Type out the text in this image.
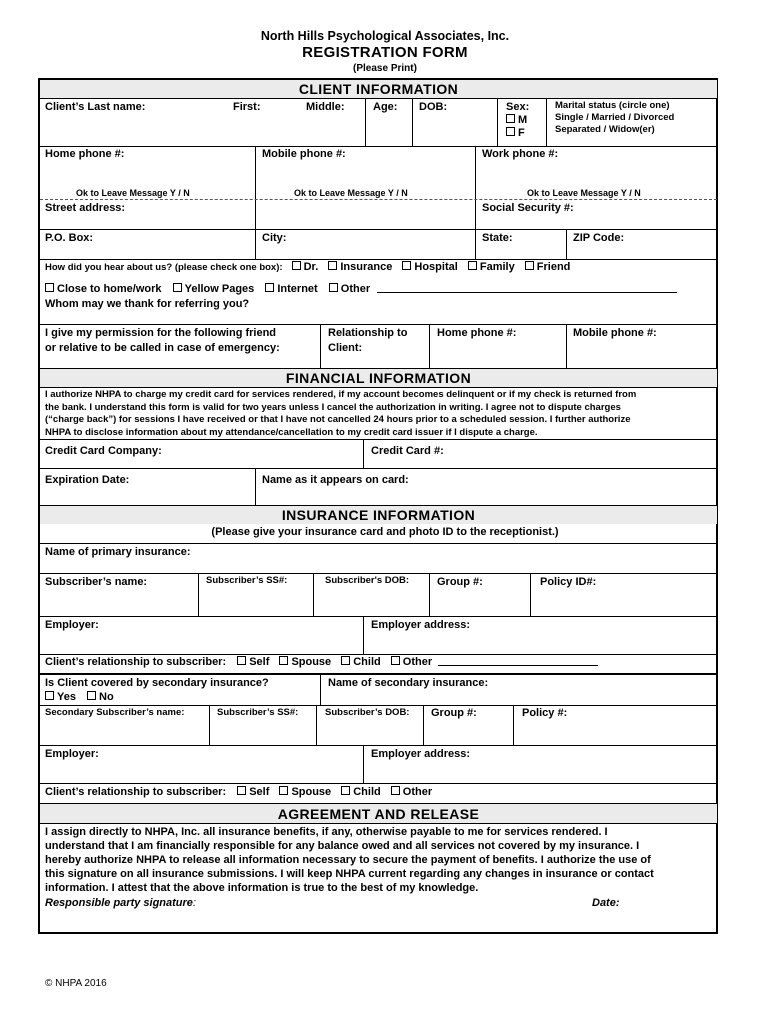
North Hills Psychological Associates, Inc.
REGISTRATION FORM
(Please Print)
CLIENT INFORMATION
Client’s Last name:	First:	Middle:	Age: DOB:	Sex:
M
F
Marital status (circle one)
Single / Married / Divorced
Separated / Widow(er)
Home phone #:	Mobile phone #:	Work phone #:
Ok to Leave Message Y / N	Ok to Leave Message Y / N	Ok to Leave Message Y / N
Street address:	Social Security #:
P.O. Box:	City:	State:	ZIP Code:
How did you hear about us? (please check one box): Dr. Insurance Hospital Family Friend
Close to home/work Yellow Pages Internet Other
Whom may we thank for referring you?
I give my permission for the following friend
or relative to be called in case of emergency:
Relationship to
Client:
Home phone #:	Mobile phone #:
FINANCIAL INFORMATION
I authorize NHPA to charge my credit card for services rendered, if my account becomes delinquent or if my check is returned from
the bank. I understand this form is valid for two years unless I cancel the authorization in writing. I agree not to dispute charges
(“charge back”) for sessions I have received or that I have not cancelled 24 hours prior to a scheduled session. I further authorize
NHPA to disclose information about my attendance/cancellation to my credit card issuer if I dispute a charge.
Credit Card Company:	Credit Card #:
Expiration Date:	Name as it appears on card:
INSURANCE INFORMATION
(Please give your insurance card and photo ID to the receptionist.)
Name of primary insurance:
Subscriber’s name:	Subscriber’s SS#:	Subscriber's DOB:	Group #:	Policy ID#:
Employer:	Employer address:
Client’s relationship to subscriber: Self Spouse Child Other
Is Client covered by secondary insurance?
Yes No
Name of secondary insurance:
Secondary Subscriber’s name:	Subscriber’s SS#:	Subscriber’s DOB: Group #:	Policy #:
Employer:	Employer address:
Client’s relationship to subscriber: Self Spouse Child Other
AGREEMENT AND RELEASE
I assign directly to NHPA, Inc. all insurance benefits, if any, otherwise payable to me for services rendered. I
understand that I am financially responsible for any balance owed and all services not covered by my insurance. I
hereby authorize NHPA to release all information necessary to secure the payment of benefits. I authorize the use of
this signature on all insurance submissions. I will keep NHPA current regarding any changes in insurance or contact
information. I attest that the above information is true to the best of my knowledge.
Responsible party signature:	Date:
© NHPA 2016
